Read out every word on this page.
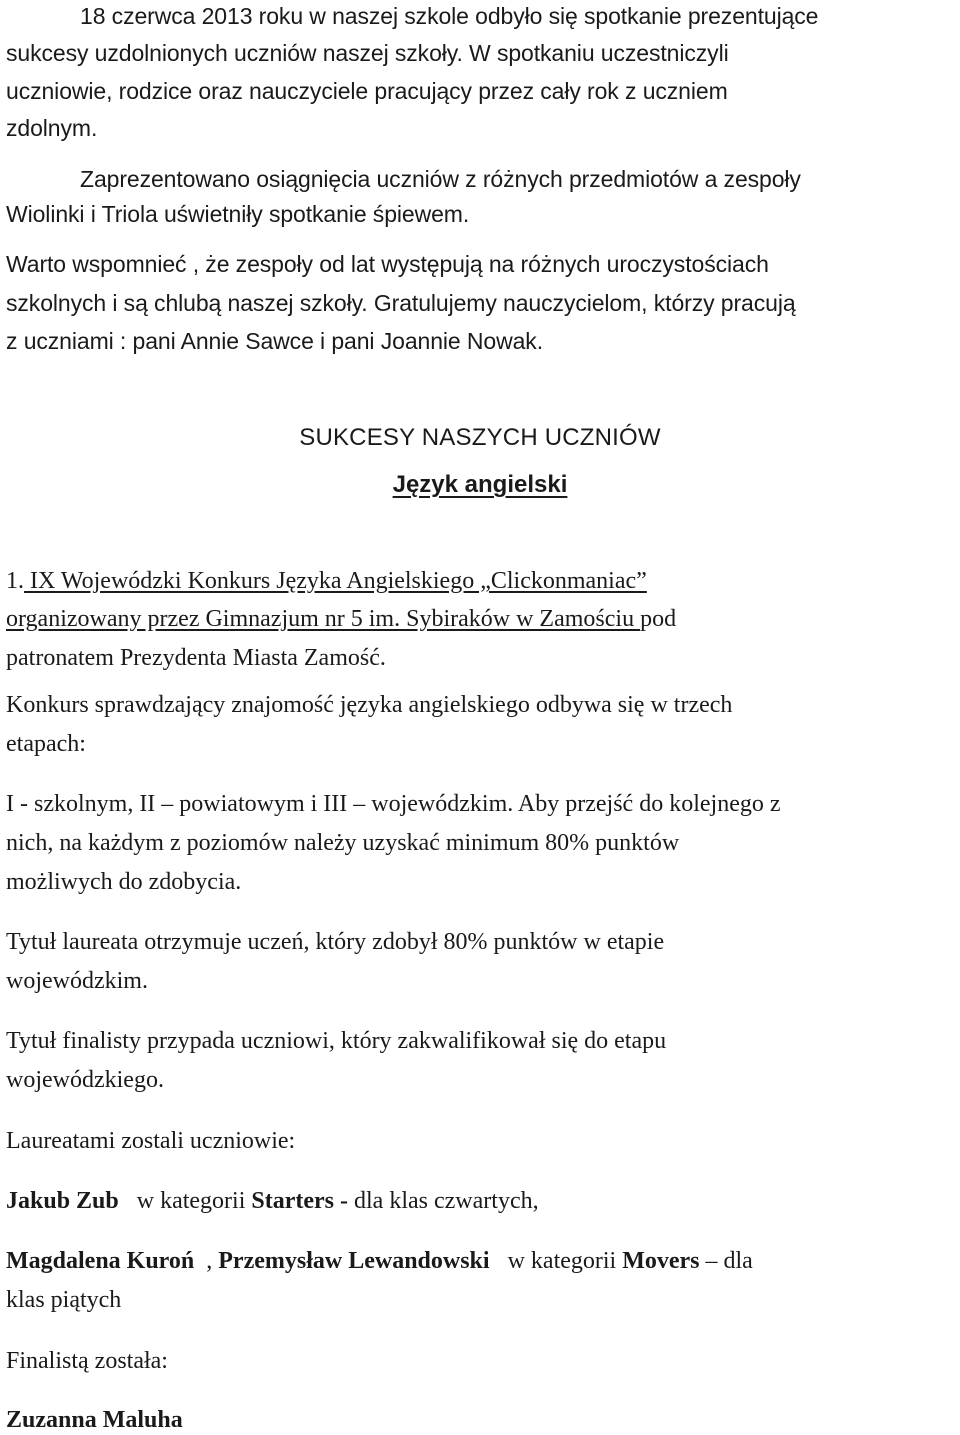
18 czerwca 2013 roku w naszej szkole odbyło się spotkanie prezentujące
sukcesy uzdolnionych uczniów naszej szkoły. W spotkaniu uczestniczyli
uczniowie, rodzice oraz nauczyciele pracujący przez cały rok z uczniem
zdolnym.
Zaprezentowano osiągnięcia uczniów z różnych przedmiotów a zespoły
Wiolinki i Triola uświetniły spotkanie śpiewem.
Warto wspomnieć , że zespoły od lat występują na różnych uroczystościach
szkolnych i są chlubą naszej szkoły. Gratulujemy nauczycielom, którzy pracują
z uczniami : pani Annie Sawce i pani Joannie Nowak.
SUKCESY NASZYCH UCZNIÓW
Język angielski
1. IX Wojewódzki Konkurs Języka Angielskiego „Clickonmaniac”
organizowany przez Gimnazjum nr 5 im. Sybiraków w Zamościu pod
patronatem Prezydenta Miasta Zamość.
Konkurs sprawdzający znajomość języka angielskiego odbywa się w trzech
etapach:
I - szkolnym, II – powiatowym i III – wojewódzkim. Aby przejść do kolejnego z
nich, na każdym z poziomów należy uzyskać minimum 80% punktów
możliwych do zdobycia.
Tytuł laureata otrzymuje uczeń, który zdobył 80% punktów w etapie
wojewódzkim.
Tytuł finalisty przypada uczniowi, który zakwalifikował się do etapu
wojewódzkiego.
Laureatami zostali uczniowie:
Jakub Zub   w kategorii Starters - dla klas czwartych,
Magdalena Kuroń  , Przemysław Lewandowski   w kategorii Movers – dla
klas piątych
Finalistą została:
Zuzanna Maluha
